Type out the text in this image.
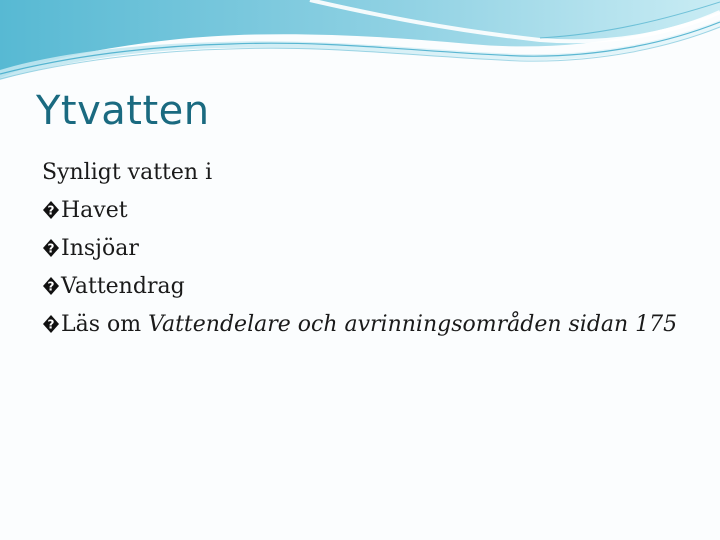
Ytvatten
Synligt vatten i
? Havet
? Insjöar
? Vattendrag
? Läs om Vattendelare och avrinningsområden sidan 175
